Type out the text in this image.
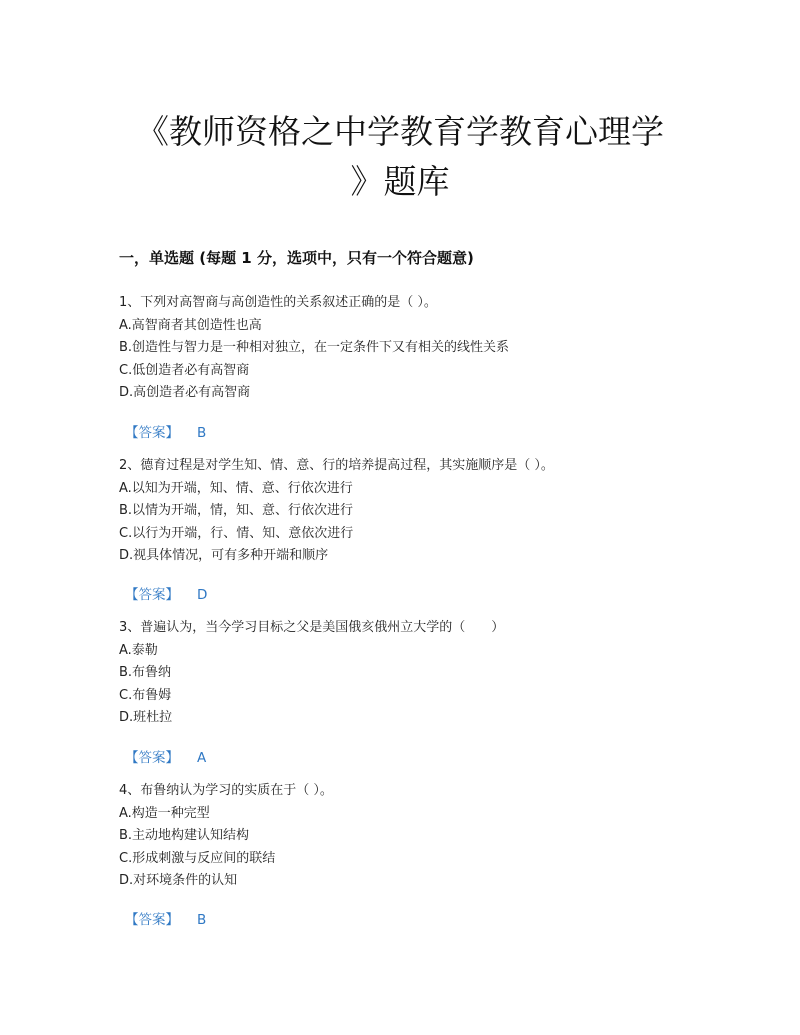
《教师资格之中学教育学教育心理学
》题库
一，单选题 (每题 1 分，选项中，只有一个符合题意)
1、下列对高智商与高创造性的关系叙述正确的是（ ）。
A.高智商者其创造性也高
B.创造性与智力是一种相对独立，在一定条件下又有相关的线性关系
C.低创造者必有高智商
D.高创造者必有高智商
【答案】 B
2、德育过程是对学生知、情、意、行的培养提高过程，其实施顺序是（ ）。
A.以知为开端，知、情、意、行依次进行
B.以情为开端，情，知、意、行依次进行
C.以行为开端，行、情、知、意依次进行
D.视具体情况，可有多种开端和顺序
【答案】 D
3、普遍认为，当今学习目标之父是美国俄亥俄州立大学的（　　）
A.泰勒
B.布鲁纳
C.布鲁姆
D.班杜拉
【答案】 A
4、布鲁纳认为学习的实质在于（ ）。
A.构造一种完型
B.主动地构建认知结构
C.形成刺激与反应间的联结
D.对环境条件的认知
【答案】 B
